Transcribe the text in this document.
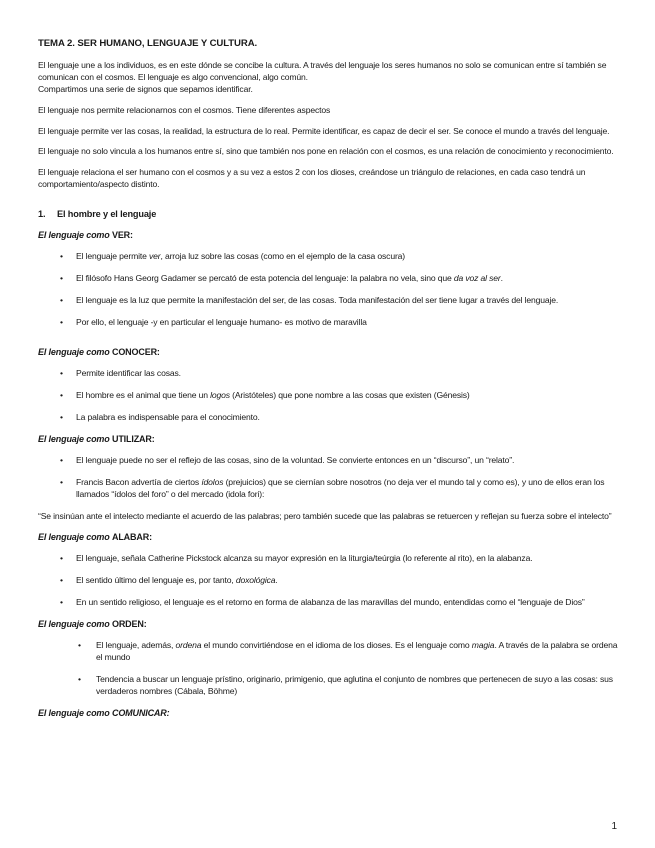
TEMA 2. SER HUMANO, LENGUAJE Y CULTURA.

El lenguaje une a los individuos, es en este dónde se concibe la cultura. A través del lenguaje los seres humanos no solo se comunican entre sí también se comunican con el cosmos. El lenguaje es algo convencional, algo común.
Compartimos una serie de signos que sepamos identificar.

El lenguaje nos permite relacionarnos con el cosmos. Tiene diferentes aspectos

El lenguaje permite ver las cosas, la realidad, la estructura de lo real. Permite identificar, es capaz de decir el ser. Se conoce el mundo a través del lenguaje.

El lenguaje no solo vincula a los humanos entre sí, sino que también nos pone en relación con el cosmos, es una relación de conocimiento y reconocimiento.

El lenguaje relaciona el ser humano con el cosmos y a su vez a estos 2 con los dioses, creándose un triángulo de relaciones, en cada caso tendrá un comportamiento/aspecto distinto.

1. El hombre y el lenguaje
El lenguaje como VER:
• El lenguaje permite ver, arroja luz sobre las cosas (como en el ejemplo de la casa oscura)
• El filósofo Hans Georg Gadamer se percató de esta potencia del lenguaje: la palabra no vela, sino que da voz al ser.
• El lenguaje es la luz que permite la manifestación del ser, de las cosas. Toda manifestación del ser tiene lugar a través del lenguaje.
• Por ello, el lenguaje -y en particular el lenguaje humano- es motivo de maravilla
El lenguaje como CONOCER:
• Permite identificar las cosas.
• El hombre es el animal que tiene un logos (Aristóteles) que pone nombre a las cosas que existen (Génesis)
• La palabra es indispensable para el conocimiento.
El lenguaje como UTILIZAR:
• El lenguaje puede no ser el reflejo de las cosas, sino de la voluntad. Se convierte entonces en un “discurso”, un “relato”.
• Francis Bacon advertía de ciertos ídolos (prejuicios) que se ciernían sobre nosotros (no deja ver el mundo tal y como es), y uno de ellos eran los llamados “ídolos del foro” o del mercado (idola fori):

“Se insinúan ante el intelecto mediante el acuerdo de las palabras; pero también sucede que las palabras se retuercen y reflejan su fuerza sobre el intelecto”

El lenguaje como ALABAR:
• El lenguaje, señala Catherine Pickstock alcanza su mayor expresión en la liturgia/teúrgia (lo referente al rito), en la alabanza.
• El sentido último del lenguaje es, por tanto, doxológica.
• En un sentido religioso, el lenguaje es el retorno en forma de alabanza de las maravillas del mundo, entendidas como el “lenguaje de Dios”
El lenguaje como ORDEN:
• El lenguaje, además, ordena el mundo convirtiéndose en el idioma de los dioses. Es el lenguaje como magia. A través de la palabra se ordena el mundo
• Tendencia a buscar un lenguaje prístino, originario, primigenio, que aglutina el conjunto de nombres que pertenecen de suyo a las cosas: sus verdaderos nombres (Cábala, Böhme)
El lenguaje como COMUNICAR:
1
